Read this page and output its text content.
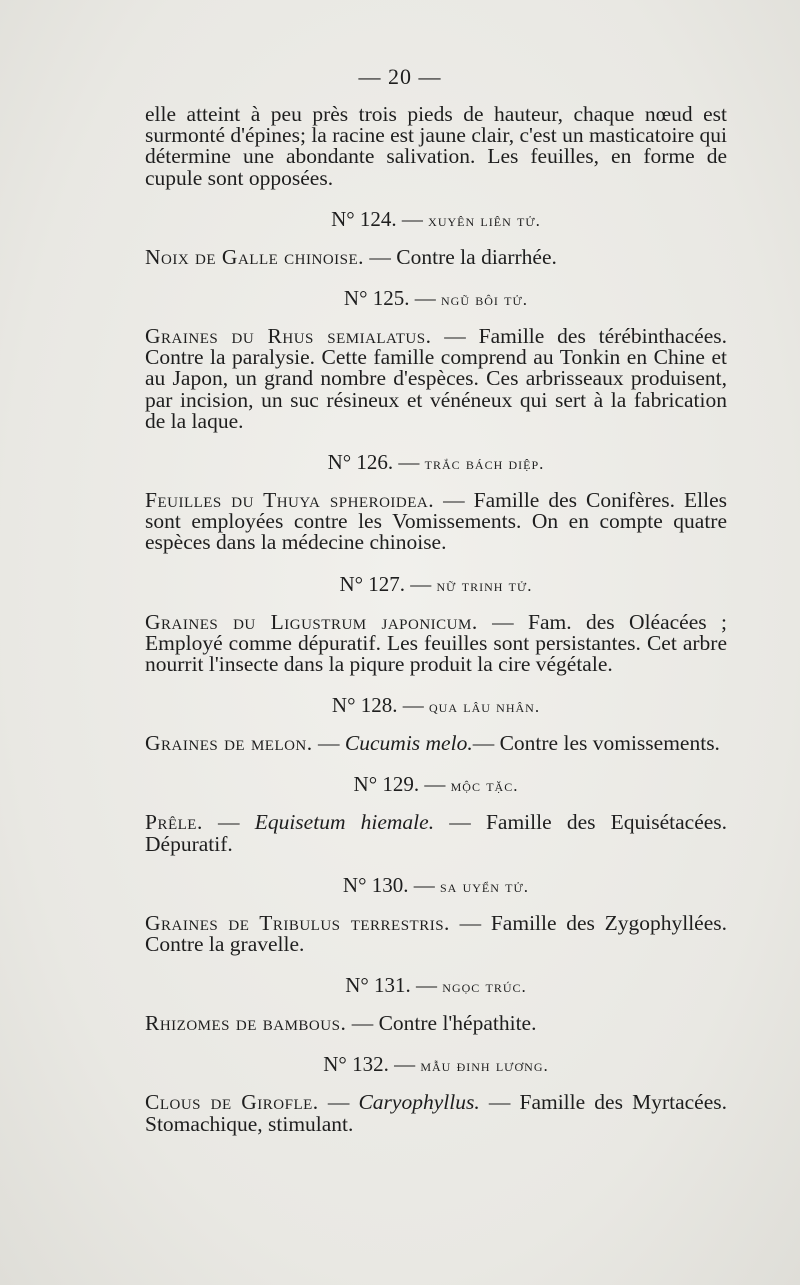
— 20 —

elle atteint à peu près trois pieds de hauteur, chaque nœud est surmonté d'épines; la racine est jaune clair, c'est un masticatoire qui détermine une abondante salivation. Les feuilles, en forme de cupule sont opposées.

N° 124. — xuyên liên tử.

Noix de Galle chinoise. — Contre la diarrhée.

N° 125. — ngũ bôi tử.

Graines du Rhus semialatus. — Famille des térébinthacées. Contre la paralysie. Cette famille comprend au Tonkin en Chine et au Japon, un grand nombre d'espèces. Ces arbrisseaux produisent, par incision, un suc résineux et vénéneux qui sert à la fabrication de la laque.

N° 126. — trắc bách diệp.

Feuilles du Thuya spheroidea. — Famille des Conifères. Elles sont employées contre les Vomissements. On en compte quatre espèces dans la médecine chinoise.

N° 127. — nữ trinh tử.

Graines du Ligustrum japonicum. — Fam. des Oléacées ; Employé comme dépuratif. Les feuilles sont persistantes. Cet arbre nourrit l'insecte dans la piqure produit la cire végétale.

N° 128. — qua lâu nhân.

Graines de melon. — Cucumis melo.— Contre les vomissements.

N° 129. — mộc tặc.

Prêle. — Equisetum hiemale. — Famille des Equisétacées. Dépuratif.

N° 130. — sa uyển tử.

Graines de Tribulus terrestris. — Famille des Zygophyllées. Contre la gravelle.

N° 131. — ngọc trúc.

Rhizomes de bambous. — Contre l'hépathite.

N° 132. — mẫu đinh lương.

Clous de Girofle. — Caryophyllus. — Famille des Myrtacées. Stomachique, stimulant.
